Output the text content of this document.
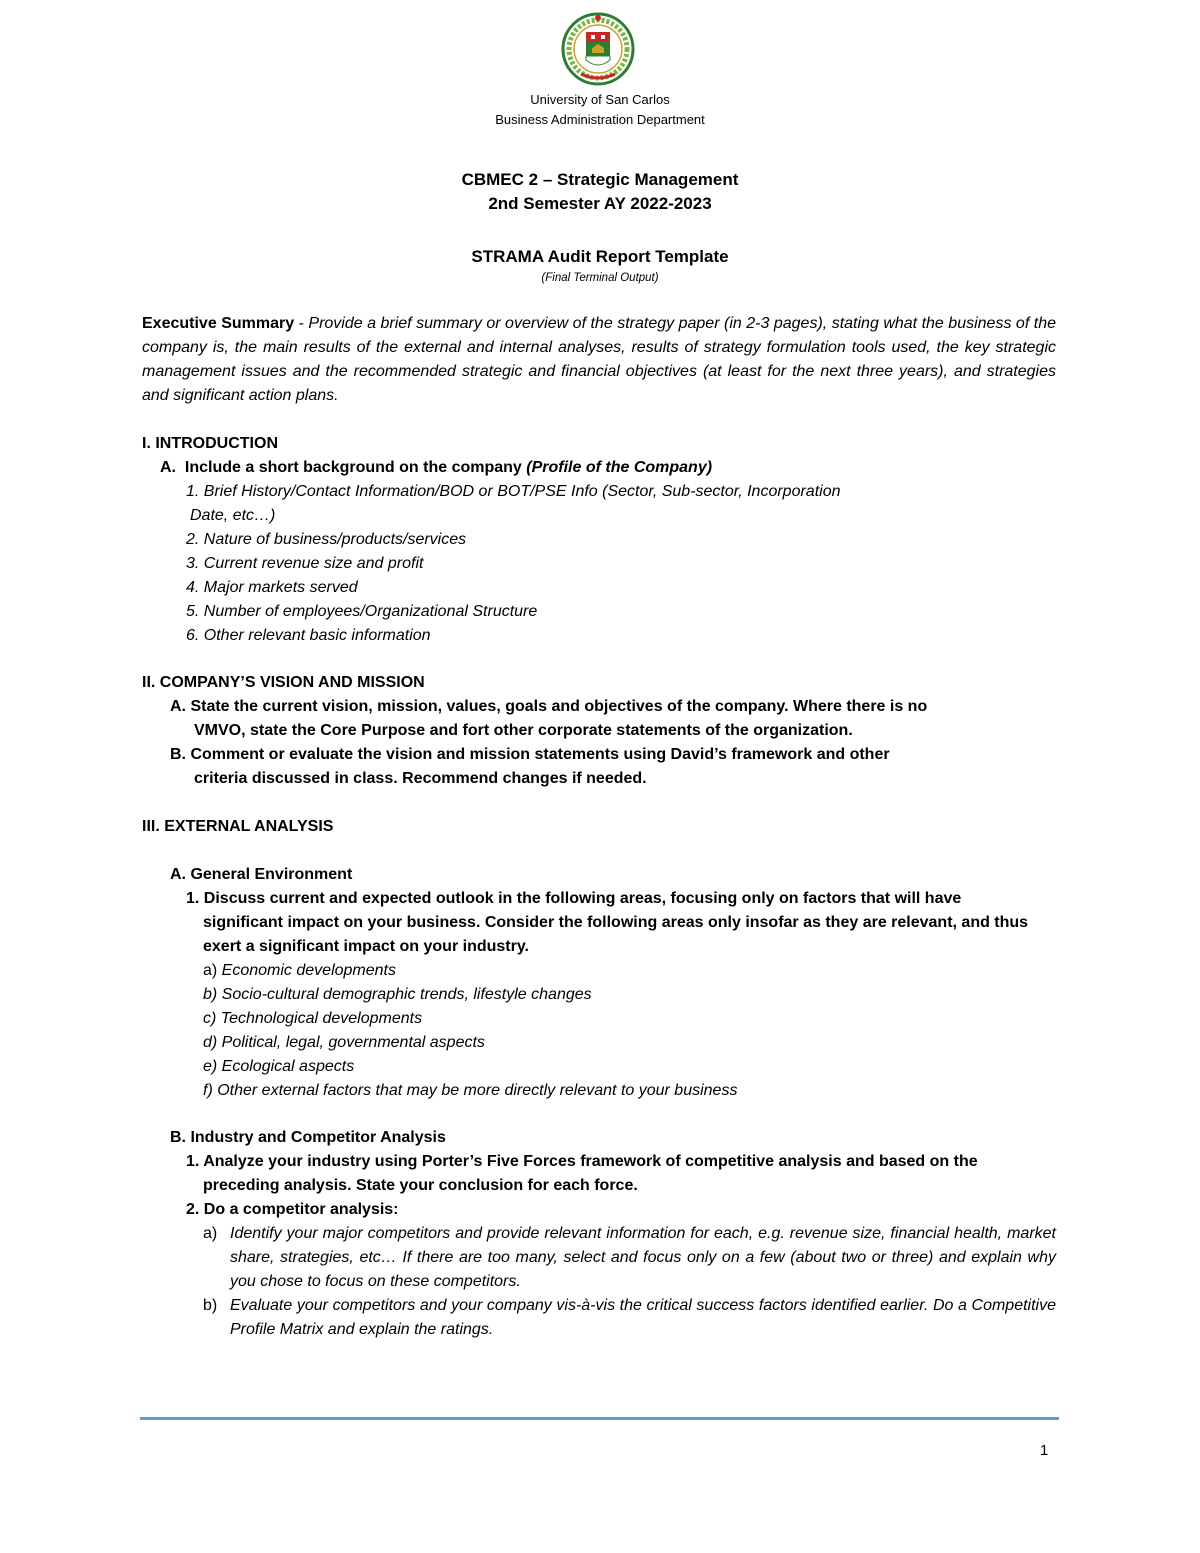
University of San Carlos
Business Administration Department
CBMEC 2 – Strategic Management
2nd Semester AY 2022-2023
STRAMA Audit Report Template
(Final Terminal Output)
Executive Summary - Provide a brief summary or overview of the strategy paper (in 2-3 pages), stating what the business of the company is, the main results of the external and internal analyses, results of strategy formulation tools used, the key strategic management issues and the recommended strategic and financial objectives (at least for the next three years), and strategies and significant action plans.
I. INTRODUCTION
A. Include a short background on the company (Profile of the Company)
1. Brief History/Contact Information/BOD or BOT/PSE Info (Sector, Sub-sector, Incorporation
Date, etc…)
2. Nature of business/products/services
3. Current revenue size and profit
4. Major markets served
5. Number of employees/Organizational Structure
6. Other relevant basic information
II. COMPANY’S VISION AND MISSION
A. State the current vision, mission, values, goals and objectives of the company. Where there is no
VMVO, state the Core Purpose and fort other corporate statements of the organization.
B. Comment or evaluate the vision and mission statements using David’s framework and other
criteria discussed in class. Recommend changes if needed.
III. EXTERNAL ANALYSIS
A. General Environment
1. Discuss current and expected outlook in the following areas, focusing only on factors that will have
significant impact on your business. Consider the following areas only insofar as they are relevant, and thus
exert a significant impact on your industry.
a) Economic developments
b) Socio-cultural demographic trends, lifestyle changes
c) Technological developments
d) Political, legal, governmental aspects
e) Ecological aspects
f) Other external factors that may be more directly relevant to your business
B. Industry and Competitor Analysis
1. Analyze your industry using Porter’s Five Forces framework of competitive analysis and based on the
preceding analysis. State your conclusion for each force.
2. Do a competitor analysis:
a) Identify your major competitors and provide relevant information for each, e.g. revenue size, financial health, market share, strategies, etc… If there are too many, select and focus only on a few (about two or three) and explain why you chose to focus on these competitors.
b) Evaluate your competitors and your company vis-à-vis the critical success factors identified earlier. Do a Competitive Profile Matrix and explain the ratings.
1
